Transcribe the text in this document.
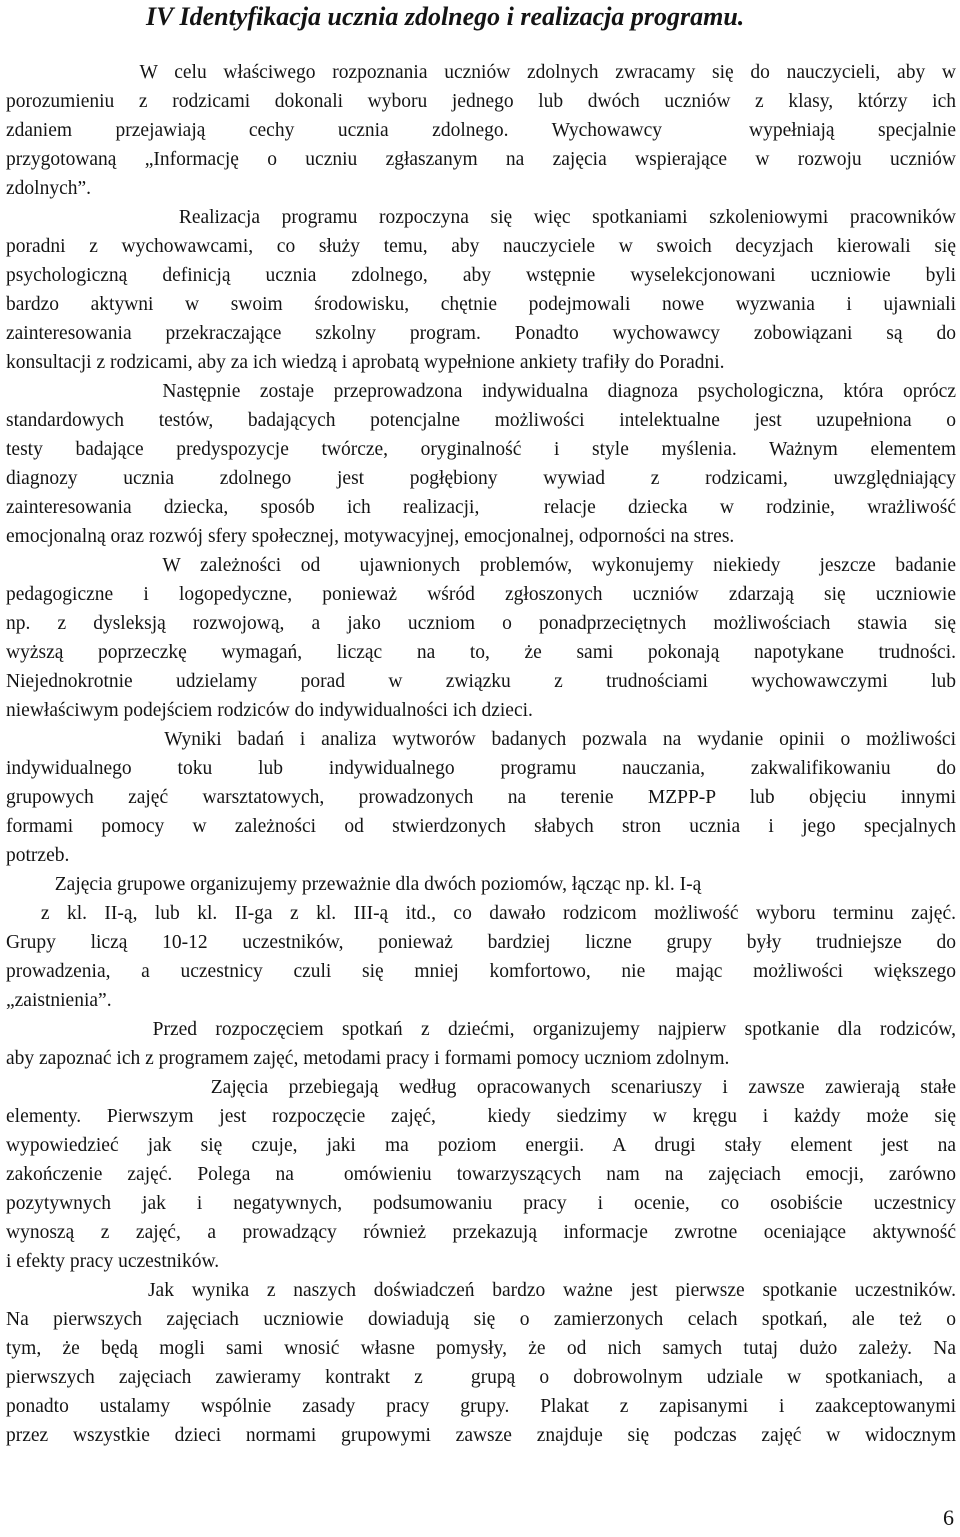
IV Identyfikacja ucznia zdolnego i realizacja programu.
W celu właściwego rozpoznania uczniów zdolnych zwracamy się do nauczycieli, aby w
porozumieniu z rodzicami dokonali wyboru jednego lub dwóch uczniów z klasy, którzy ich
zdaniem przejawiają cechy ucznia zdolnego. Wychowawcy  wypełniają specjalnie
przygotowaną „Informację o uczniu zgłaszanym na zajęcia wspierające w rozwoju uczniów
zdolnych”.
Realizacja programu rozpoczyna się więc spotkaniami szkoleniowymi pracowników
poradni z wychowawcami, co służy temu, aby nauczyciele w swoich decyzjach kierowali się
psychologiczną definicją ucznia zdolnego, aby wstępnie wyselekcjonowani uczniowie byli
bardzo aktywni w swoim środowisku, chętnie podejmowali nowe wyzwania i ujawniali
zainteresowania przekraczające szkolny program. Ponadto wychowawcy zobowiązani są do
konsultacji z rodzicami, aby za ich wiedzą i aprobatą wypełnione ankiety trafiły do Poradni.
Następnie zostaje przeprowadzona indywidualna diagnoza psychologiczna, która oprócz
standardowych testów, badających potencjalne możliwości intelektualne jest uzupełniona o
testy badające predyspozycje twórcze, oryginalność i style myślenia. Ważnym elementem
diagnozy ucznia zdolnego jest pogłębiony wywiad z rodzicami, uwzględniający
zainteresowania dziecka, sposób ich realizacji,  relacje dziecka w rodzinie, wrażliwość
emocjonalną oraz rozwój sfery społecznej, motywacyjnej, emocjonalnej, odporności na stres.
W zależności od  ujawnionych problemów, wykonujemy niekiedy  jeszcze badanie
pedagogiczne i logopedyczne, ponieważ wśród zgłoszonych uczniów zdarzają się uczniowie
np. z dysleksją rozwojową, a jako uczniom o ponadprzeciętnych możliwościach stawia się
wyższą poprzeczkę wymagań, licząc na to, że sami pokonają napotykane trudności.
Niejednokrotnie udzielamy porad w związku z trudnościami wychowawczymi lub
niewłaściwym podejściem rodziców do indywidualności ich dzieci.
Wyniki badań i analiza wytworów badanych pozwala na wydanie opinii o możliwości
indywidualnego toku lub indywidualnego programu nauczania, zakwalifikowaniu do
grupowych zajęć warsztatowych, prowadzonych na terenie MZPP-P lub objęciu innymi
formami pomocy w zależności od stwierdzonych słabych stron ucznia i jego specjalnych
potrzeb.
Zajęcia grupowe organizujemy przeważnie dla dwóch poziomów, łącząc np. kl. I-ą
z kl. II-ą, lub kl. II-ga z kl. III-ą itd., co dawało rodzicom możliwość wyboru terminu zajęć.
Grupy liczą 10-12 uczestników, ponieważ bardziej liczne grupy były trudniejsze do
prowadzenia, a uczestnicy czuli się mniej komfortowo, nie mając możliwości większego
„zaistnienia”.
Przed rozpoczęciem spotkań z dziećmi, organizujemy najpierw spotkanie dla rodziców,
aby zapoznać ich z programem zajęć, metodami pracy i formami pomocy uczniom zdolnym.
Zajęcia przebiegają według opracowanych scenariuszy i zawsze zawierają stałe
elementy. Pierwszym jest rozpoczęcie zajęć,  kiedy siedzimy w kręgu i każdy może się
wypowiedzieć jak się czuje, jaki ma poziom energii. A drugi stały element jest na
zakończenie zajęć. Polega na  omówieniu towarzyszących nam na zajęciach emocji, zarówno
pozytywnych jak i negatywnych, podsumowaniu pracy i ocenie, co osobiście uczestnicy
wynoszą z zajęć, a prowadzący również przekazują informacje zwrotne oceniające aktywność
i efekty pracy uczestników.
Jak wynika z naszych doświadczeń bardzo ważne jest pierwsze spotkanie uczestników.
Na pierwszych zajęciach uczniowie dowiadują się o zamierzonych celach spotkań, ale też o
tym, że będą mogli sami wnosić własne pomysły, że od nich samych tutaj dużo zależy. Na
pierwszych zajęciach zawieramy kontrakt z  grupą o dobrowolnym udziale w spotkaniach, a
ponadto ustalamy wspólnie zasady pracy grupy. Plakat z zapisanymi i zaakceptowanymi
przez wszystkie dzieci normami grupowymi zawsze znajduje się podczas zajęć w widocznym
6
